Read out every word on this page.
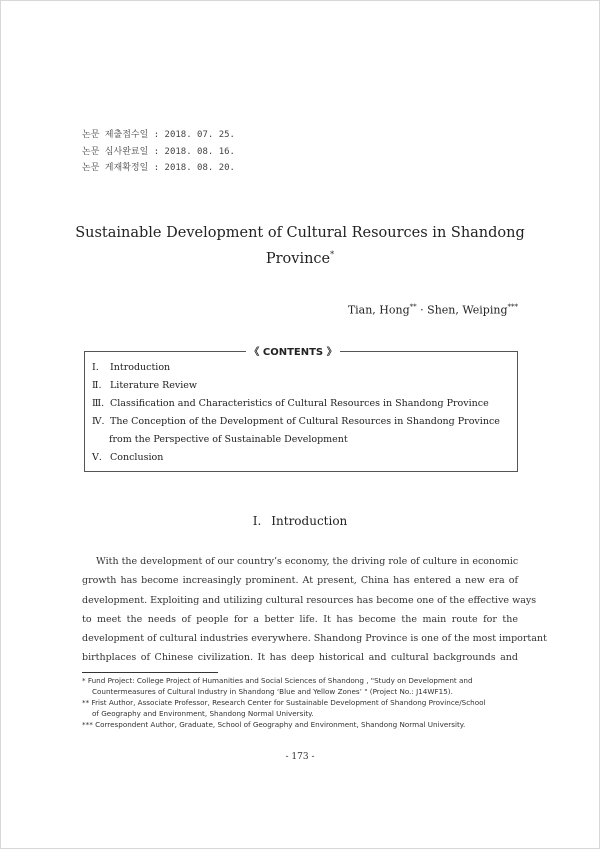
논문 제출접수일 : 2018. 07. 25.
논문 심사완료일 : 2018. 08. 16.
논문 게재확정일 : 2018. 08. 20.
Sustainable Development of Cultural Resources in Shandong
Province*
Tian, Hong** · Shen, Weiping***
《 CONTENTS 》
Ⅰ. Introduction
Ⅱ. Literature Review
Ⅲ. Classification and Characteristics of Cultural Resources in Shandong Province
Ⅳ. The Conception of the Development of Cultural Resources in Shandong Province
from the Perspective of Sustainable Development
Ⅴ. Conclusion
Ⅰ. Introduction
With the development of our country’s economy, the driving role of culture in economic
growth has become increasingly prominent. At present, China has entered a new era of
development. Exploiting and utilizing cultural resources has become one of the effective ways
to meet the needs of people for a better life. It has become the main route for the
development of cultural industries everywhere. Shandong Province is one of the most important
birthplaces of Chinese civilization. It has deep historical and cultural backgrounds and
* Fund Project: College Project of Humanities and Social Sciences of Shandong , "Study on Development and
Countermeasures of Cultural Industry in Shandong ‘Blue and Yellow Zones’ " (Project No.: J14WF15).
** Frist Author, Associate Professor, Research Center for Sustainable Development of Shandong Province/School
of Geography and Environment, Shandong Normal University.
*** Correspondent Author, Graduate, School of Geography and Environment, Shandong Normal University.
- 173 -
